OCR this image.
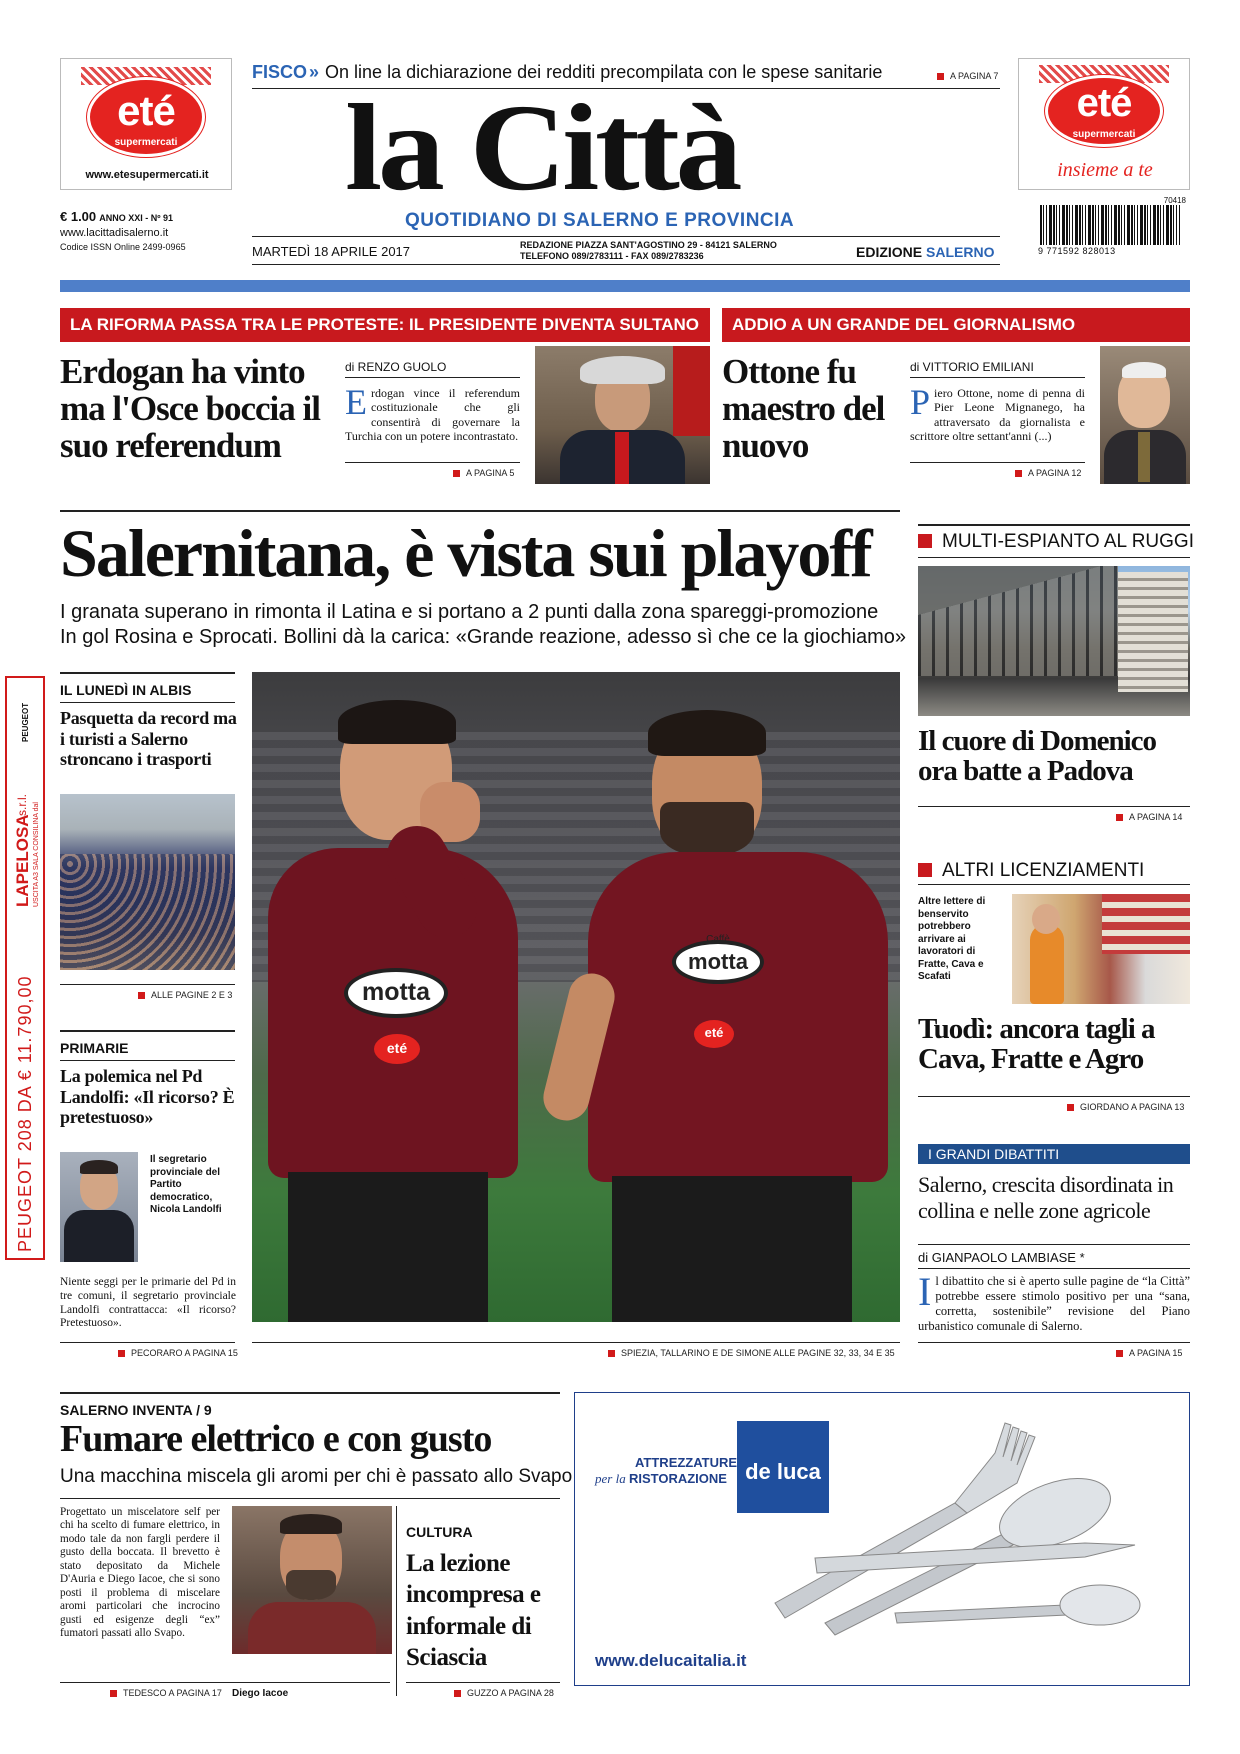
eté
supermercati
www.etesupermercati.it
€ 1.00 ANNO XXI - Nº 91
www.lacittadisalerno.it
Codice ISSN Online 2499-0965
FISCO » On line la dichiarazione dei redditi precompilata con le spese sanitarie	A PAGINA 7
la Città
QUOTIDIANO DI SALERNO E PROVINCIA
MARTEDÌ 18 APRILE 2017	REDAZIONE PIAZZA SANT'AGOSTINO 29 - 84121 SALERNO
TELEFONO 089/2783111 - FAX 089/2783236	EDIZIONE SALERNO
eté
supermercati
insieme a te
70418
9 771592 828013
LA RIFORMA PASSA TRA LE PROTESTE: IL PRESIDENTE DIVENTA SULTANO
Erdogan ha vinto ma l'Osce boccia il suo referendum
di RENZO GUOLO
Erdogan vince il referendum costituzionale che gli consentirà di governare la Turchia con un potere incontrastato.
A PAGINA 5
ADDIO A UN GRANDE DEL GIORNALISMO
Ottone fu maestro del nuovo
di VITTORIO EMILIANI
Piero Ottone, nome di penna di Pier Leone Mignanego, ha attraversato da giornalista e scrittore oltre settant'anni (...)
A PAGINA 12
Salernitana, è vista sui playoff
I granata superano in rimonta il Latina e si portano a 2 punti dalla zona spareggi-promozione
In gol Rosina e Sprocati. Bollini dà la carica: «Grande reazione, adesso sì che ce la giochiamo»
motta
eté
motta
Caffè
eté
SPIEZIA, TALLARINO E DE SIMONE ALLE PAGINE 32, 33, 34 E 35
PEUGEOT 208 DA € 11.790,00
LAPELOSA
s.r.l. USCITA A3 SALA CONSILINA dal
PEUGEOT
IL LUNEDÌ IN ALBIS
Pasquetta da record ma i turisti a Salerno stroncano i trasporti
ALLE PAGINE 2 E 3
PRIMARIE
La polemica nel Pd Landolfi: «Il ricorso? È pretestuoso»
Il segretario provinciale del Partito democratico, Nicola Landolfi
Niente seggi per le primarie del Pd in tre comuni, il segretario provinciale Landolfi contrattacca: «Il ricorso? Pretestuoso».
PECORARO A PAGINA 15
MULTI-ESPIANTO AL RUGGI
Il cuore di Domenico ora batte a Padova
A PAGINA 14
ALTRI LICENZIAMENTI
Altre lettere di benservito potrebbero arrivare ai lavoratori di Fratte, Cava e Scafati
Tuodì: ancora tagli a Cava, Fratte e Agro
GIORDANO A PAGINA 13
I GRANDI DIBATTITI
Salerno, crescita disordinata in collina e nelle zone agricole
di GIANPAOLO LAMBIASE *
Il dibattito che si è aperto sulle pagine de “la Città” potrebbe essere stimolo positivo per una “sana, corretta, sostenibile” revisione del Piano urbanistico comunale di Salerno.
A PAGINA 15
SALERNO INVENTA / 9
Fumare elettrico e con gusto
Una macchina miscela gli aromi per chi è passato allo Svapo
Progettato un miscelatore self per chi ha scelto di fumare elettrico, in modo tale da non fargli perdere il gusto della boccata. Il brevetto è stato depositato da Michele D'Auria e Diego Iacoe, che si sono posti il problema di miscelare aromi particolari che incrocino gusti ed esigenze degli “ex” fumatori passati allo Svapo.
TEDESCO A PAGINA 17 Diego Iacoe
CULTURA
La lezione incompresa e informale di Sciascia
GUZZO A PAGINA 28
ATTREZZATURE
per la RISTORAZIONE de luca
www.delucaitalia.it
